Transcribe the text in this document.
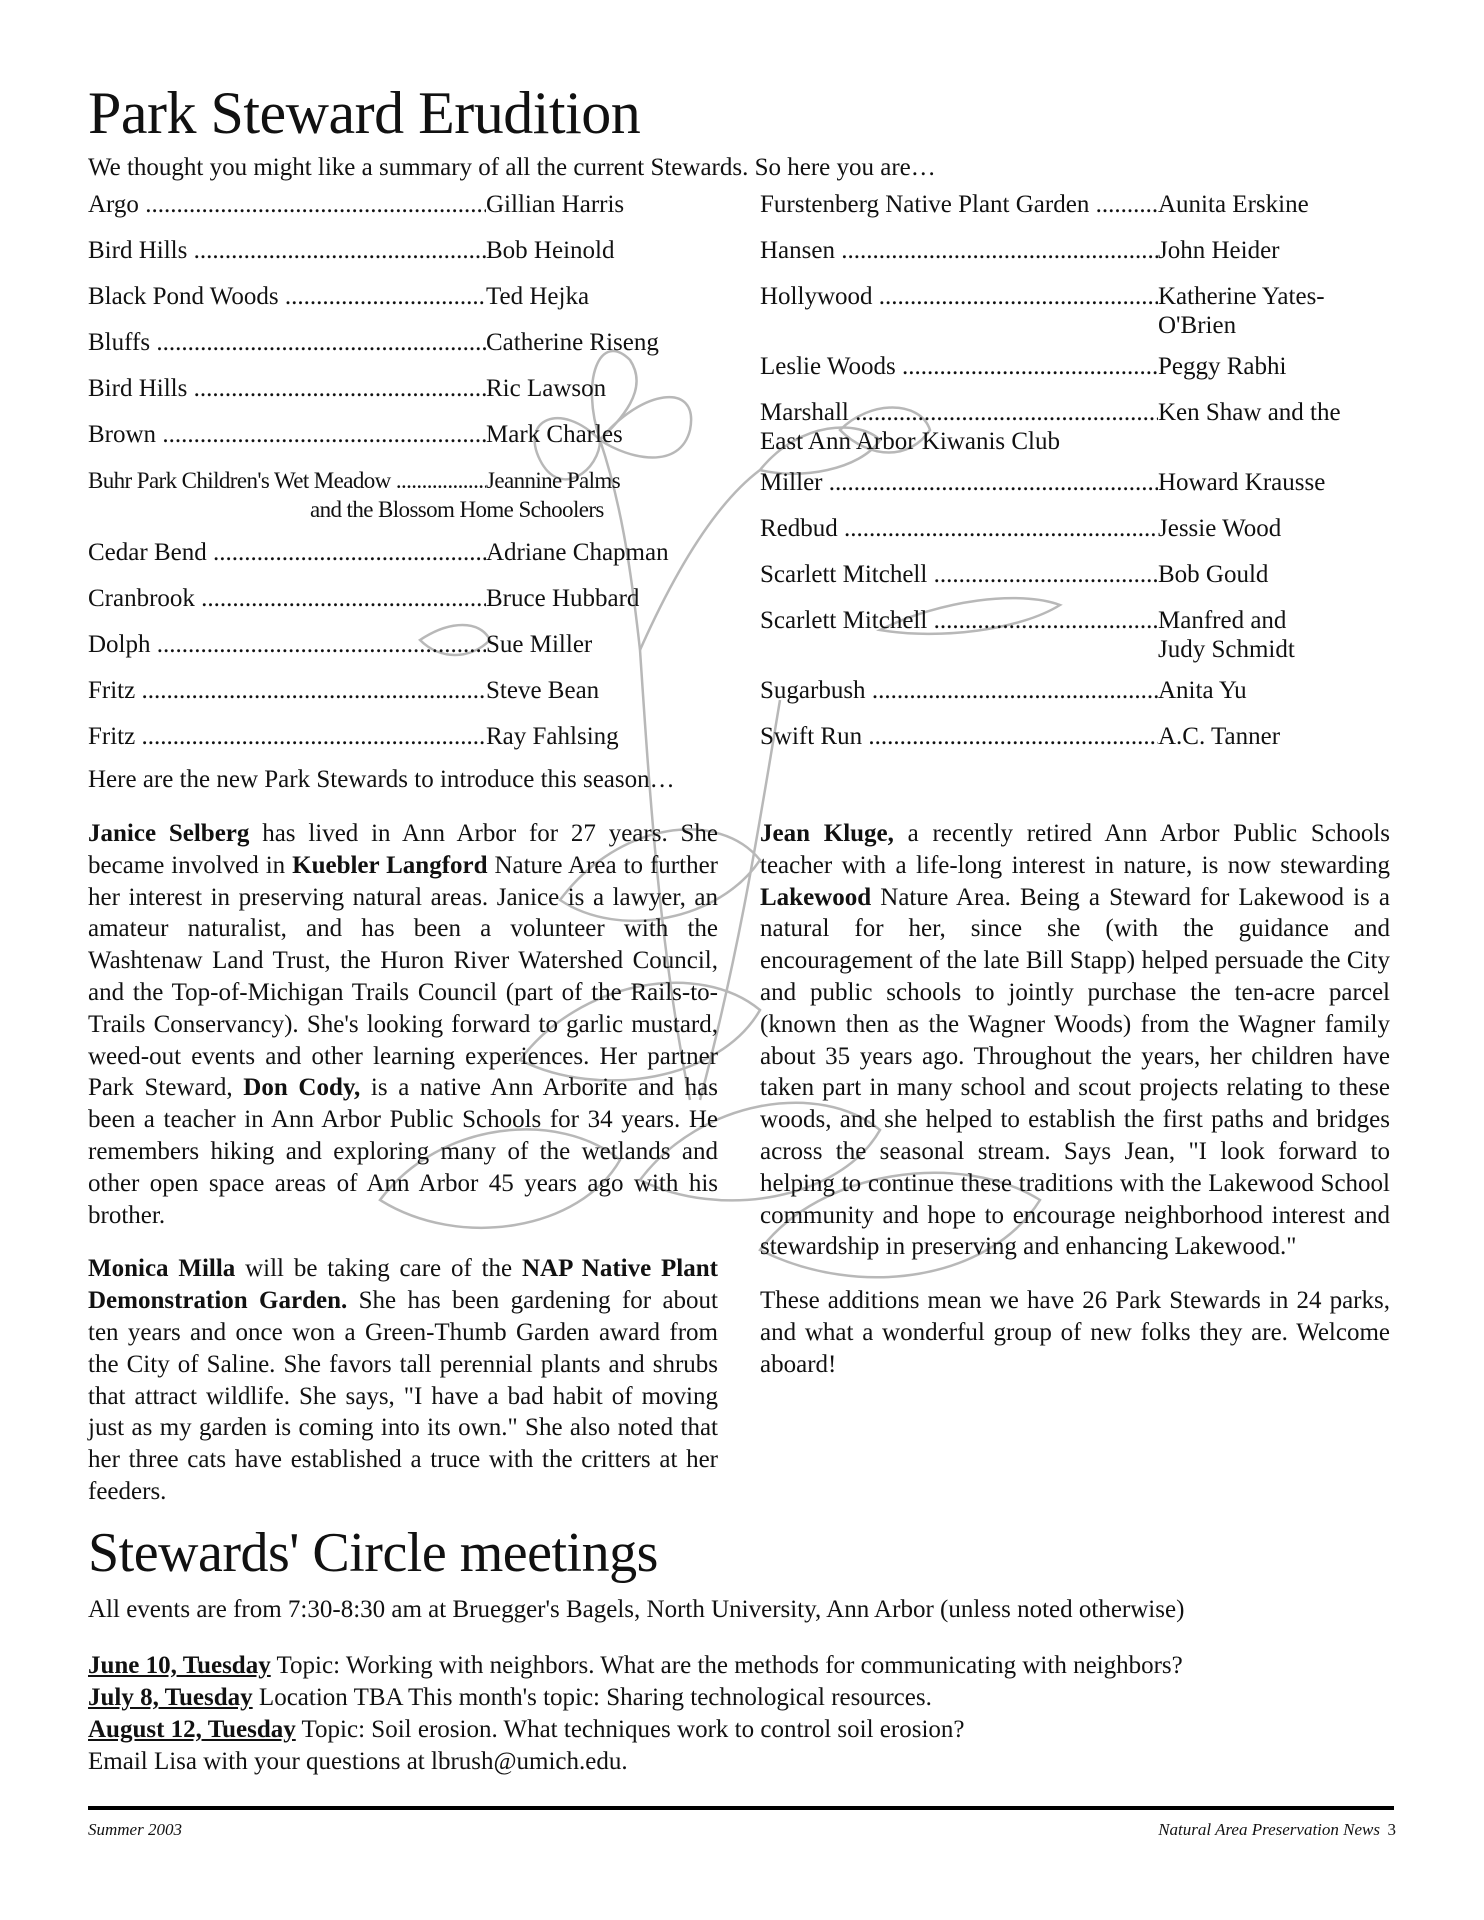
Park Steward Erudition
We thought you might like a summary of all the current Stewards. So here you are…
Argo .....	Gillian Harris
Bird Hills .....	Bob Heinold
Black Pond Woods .....	Ted Hejka
Bluffs .....	Catherine Riseng
Bird Hills .....	Ric Lawson
Brown .....	Mark Charles
Buhr Park Children's Wet Meadow .....	Jeannine Palms
and the Blossom Home Schoolers
Cedar Bend .....	Adriane Chapman
Cranbrook .....	Bruce Hubbard
Dolph .....	Sue Miller
Fritz .....	Steve Bean
Fritz .....	Ray Fahlsing
Furstenberg Native Plant Garden .....	Aunita Erskine
Hansen .....	John Heider
Hollywood .....	Katherine Yates-
O'Brien
Leslie Woods .....	Peggy Rabhi
Marshall .....	Ken Shaw and the
East Ann Arbor Kiwanis Club
Miller .....	Howard Krausse
Redbud .....	Jessie Wood
Scarlett Mitchell .....	Bob Gould
Scarlett Mitchell .....	Manfred and
Judy Schmidt
Sugarbush .....	Anita Yu
Swift Run .....	A.C. Tanner
Here are the new Park Stewards to introduce this season…

Janice Selberg has lived in Ann Arbor for 27 years. She became involved in Kuebler Langford Nature Area to further her interest in preserving natural areas. Janice is a lawyer, an amateur naturalist, and has been a volunteer with the Washtenaw Land Trust, the Huron River Watershed Council, and the Top-of-Michigan Trails Council (part of the Rails-to-Trails Conservancy). She's looking forward to garlic mustard, weed-out events and other learning experiences. Her partner Park Steward, Don Cody, is a native Ann Arborite and has been a teacher in Ann Arbor Public Schools for 34 years. He remembers hiking and exploring many of the wetlands and other open space areas of Ann Arbor 45 years ago with his brother.

Monica Milla will be taking care of the NAP Native Plant Demonstration Garden. She has been gardening for about ten years and once won a Green-Thumb Garden award from the City of Saline. She favors tall perennial plants and shrubs that attract wildlife. She says, "I have a bad habit of moving just as my garden is coming into its own." She also noted that her three cats have established a truce with the critters at her feeders.

Jean Kluge, a recently retired Ann Arbor Public Schools teacher with a life-long interest in nature, is now stewarding Lakewood Nature Area. Being a Steward for Lakewood is a natural for her, since she (with the guidance and encouragement of the late Bill Stapp) helped persuade the City and public schools to jointly purchase the ten-acre parcel (known then as the Wagner Woods) from the Wagner family about 35 years ago. Throughout the years, her children have taken part in many school and scout projects relating to these woods, and she helped to establish the first paths and bridges across the seasonal stream. Says Jean, "I look forward to helping to continue these traditions with the Lakewood School community and hope to encourage neighborhood interest and stewardship in preserving and enhancing Lakewood."

These additions mean we have 26 Park Stewards in 24 parks, and what a wonderful group of new folks they are. Welcome aboard!

Stewards' Circle meetings
All events are from 7:30-8:30 am at Bruegger's Bagels, North University, Ann Arbor (unless noted otherwise)
June 10, Tuesday Topic: Working with neighbors. What are the methods for communicating with neighbors?
July 8, Tuesday Location TBA This month's topic: Sharing technological resources.
August 12, Tuesday Topic: Soil erosion. What techniques work to control soil erosion?
Email Lisa with your questions at lbrush@umich.edu.
Summer 2003	Natural Area Preservation News 3
